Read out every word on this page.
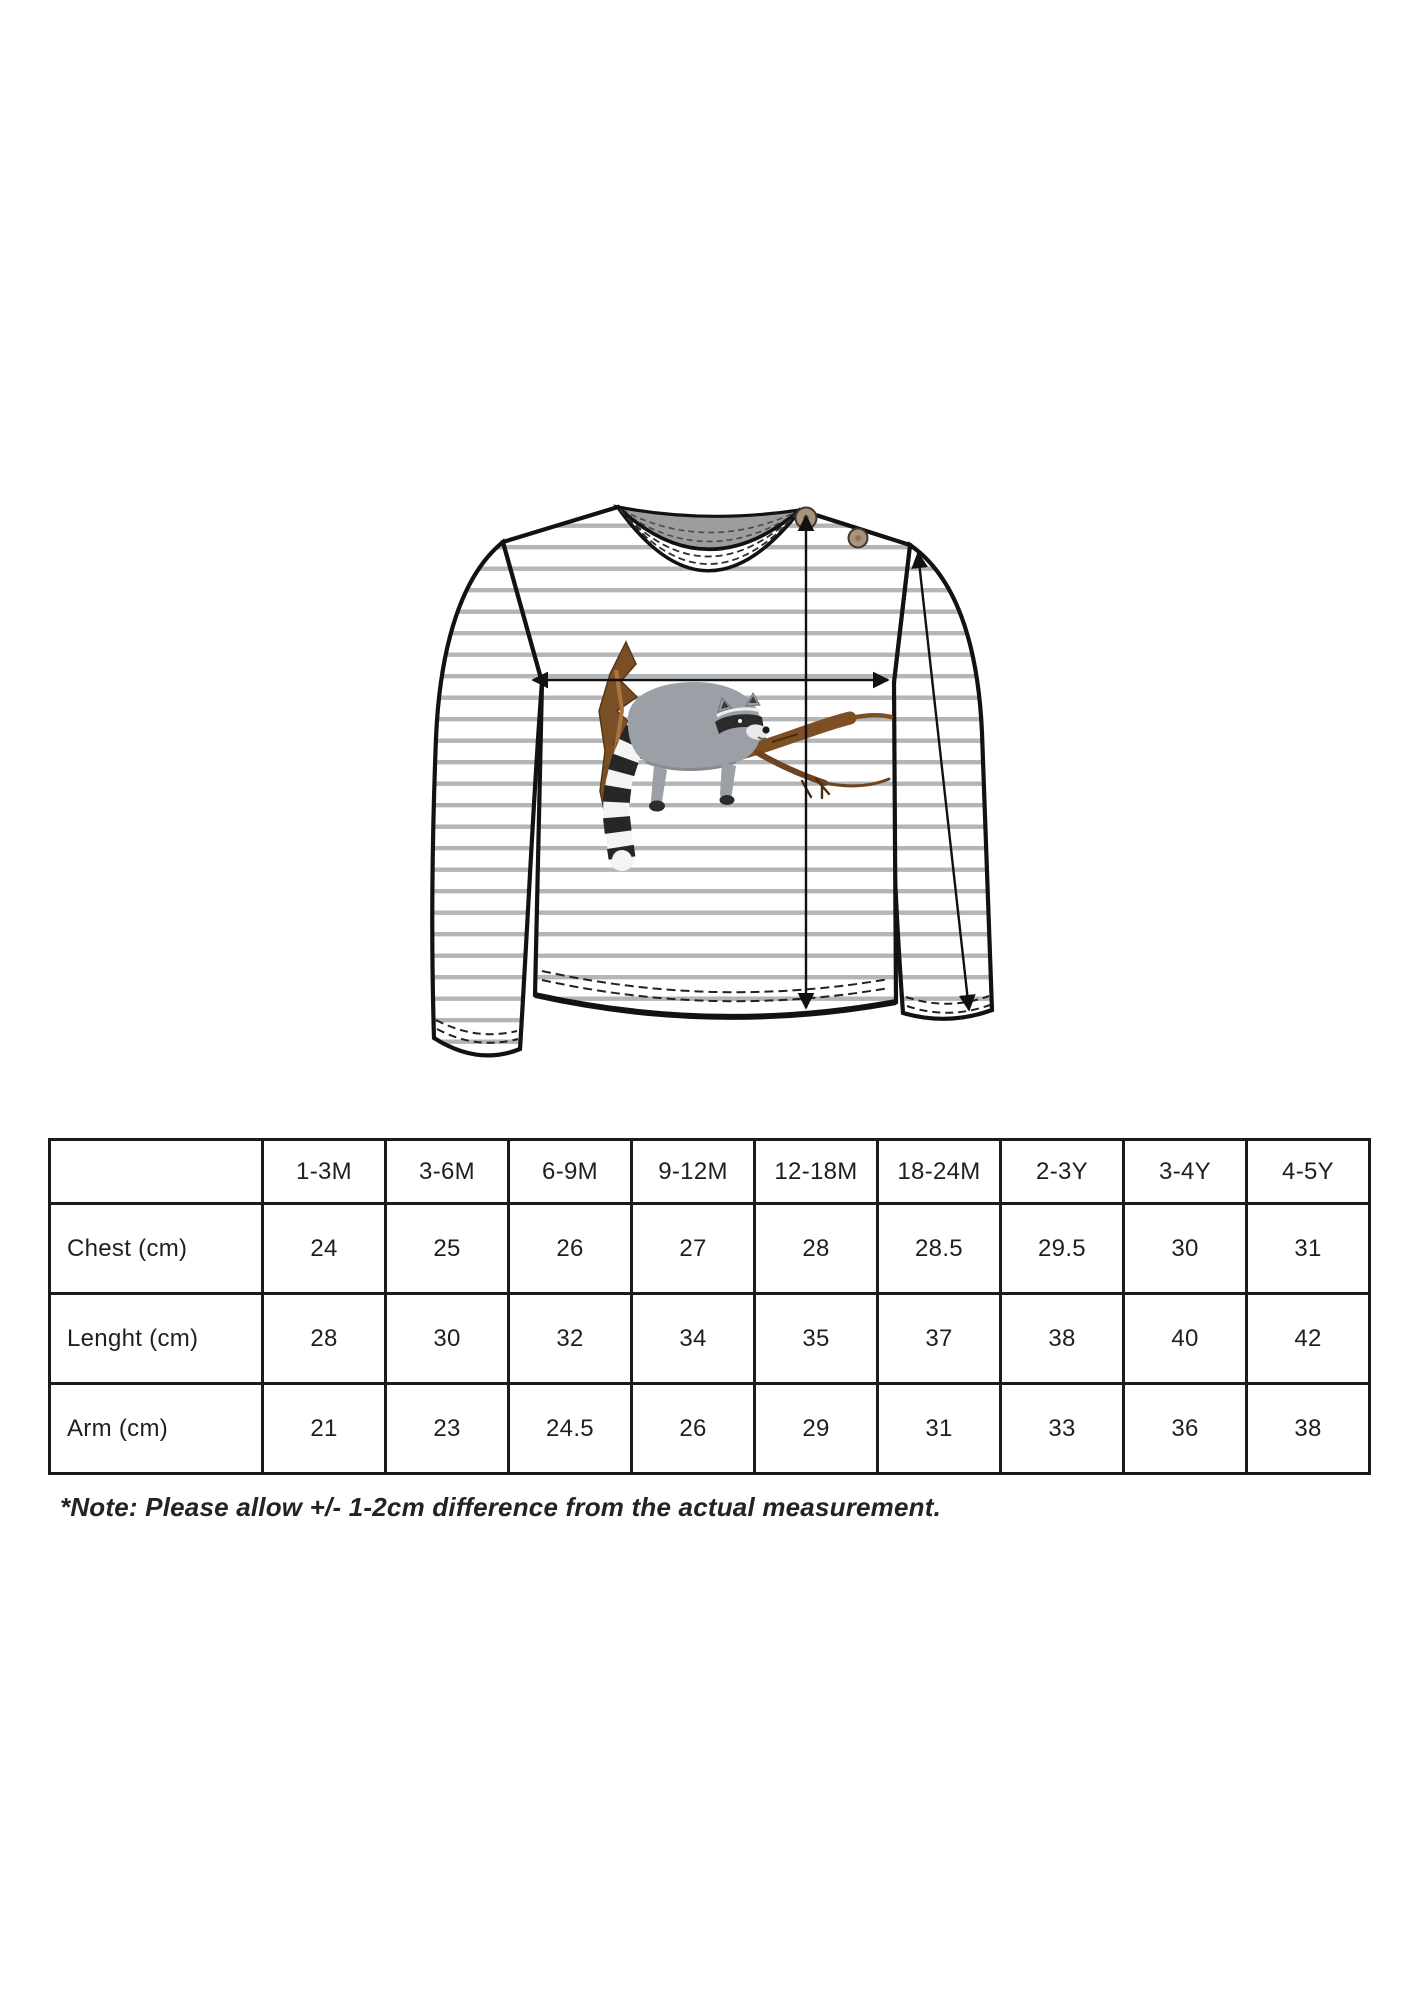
	1-3M	3-6M	6-9M	9-12M	12-18M	18-24M	2-3Y	3-4Y	4-5Y
Chest (cm)	24	25	26	27	28	28.5	29.5	30	31
Lenght (cm)	28	30	32	34	35	37	38	40	42
Arm (cm)	21	23	24.5	26	29	31	33	36	38

*Note: Please allow +/- 1-2cm difference from the actual measurement.
